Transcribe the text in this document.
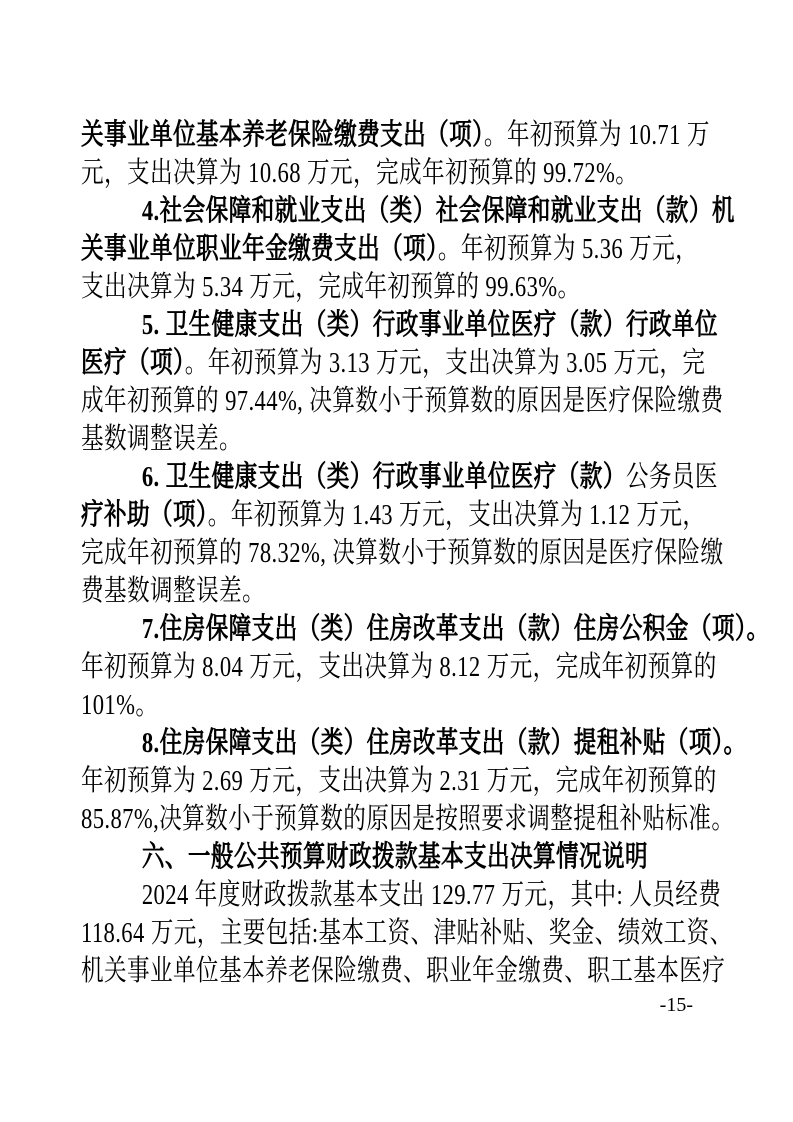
关事业单位基本养老保险缴费支出（项）。年初预算为 10.71 万
元，支出决算为 10.68 万元，完成年初预算的 99.72%。
4.社会保障和就业支出（类）社会保障和就业支出（款）机
关事业单位职业年金缴费支出（项）。年初预算为 5.36 万元，
支出决算为 5.34 万元，完成年初预算的 99.63%。
5. 卫生健康支出（类）行政事业单位医疗（款）行政单位
医疗（项）。年初预算为 3.13 万元，支出决算为 3.05 万元，完
成年初预算的 97.44%, 决算数小于预算数的原因是医疗保险缴费
基数调整误差。
6. 卫生健康支出（类）行政事业单位医疗（款）公务员医
疗补助（项）。年初预算为 1.43 万元，支出决算为 1.12 万元，
完成年初预算的 78.32%, 决算数小于预算数的原因是医疗保险缴
费基数调整误差。
7.住房保障支出（类）住房改革支出（款）住房公积金（项）。
年初预算为 8.04 万元，支出决算为 8.12 万元，完成年初预算的
101%。
8.住房保障支出（类）住房改革支出（款）提租补贴（项）。
年初预算为 2.69 万元，支出决算为 2.31 万元，完成年初预算的
85.87%,决算数小于预算数的原因是按照要求调整提租补贴标准。
六、一般公共预算财政拨款基本支出决算情况说明
2024 年度财政拨款基本支出 129.77 万元，其中: 人员经费
118.64 万元，主要包括:基本工资、津贴补贴、奖金、绩效工资、
机关事业单位基本养老保险缴费、职业年金缴费、职工基本医疗
-15-
